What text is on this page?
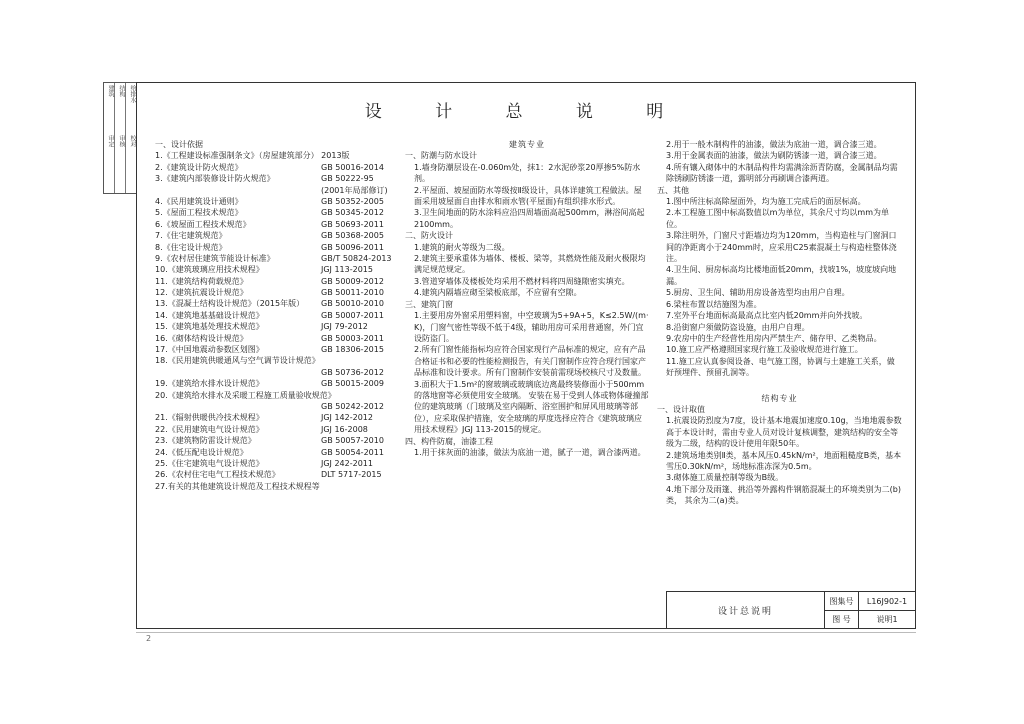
建筑
审定
结构
审核
给排水
校对
设 计 总 说 明
一、设计依据
1.《工程建设标准强制条文》（房屋建筑部分） 2013版
2.《建筑设计防火规范》	GB 50016-2014
3.《建筑内部装修设计防火规范》	GB 50222-95
(2001年局部修订)
4.《民用建筑设计通则》	GB 50352-2005
5.《屋面工程技术规范》	GB 50345-2012
6.《坡屋面工程技术规范》	GB 50693-2011
7.《住宅建筑规范》	GB 50368-2005
8.《住宅设计规范》	GB 50096-2011
9.《农村居住建筑节能设计标准》	GB/T 50824-2013
10.《建筑玻璃应用技术规程》	JGJ 113-2015
11.《建筑结构荷载规范》	GB 50009-2012
12.《建筑抗震设计规范》	GB 50011-2010
13.《混凝土结构设计规范》（2015年版） GB 50010-2010
14.《建筑地基基础设计规范》	GB 50007-2011
15.《建筑地基处理技术规范》	JGJ 79-2012
16.《砌体结构设计规范》	GB 50003-2011
17.《中国地震动参数区划图》	GB 18306-2015
18.《民用建筑供暖通风与空气调节设计规范》
GB 50736-2012
19.《建筑给水排水设计规范》	GB 50015-2009
20.《建筑给水排水及采暖工程施工质量验收规范》
GB 50242-2012
21.《辐射供暖供冷技术规程》	JGJ 142-2012
22.《民用建筑电气设计规范》	JGJ 16-2008
23.《建筑物防雷设计规范》	GB 50057-2010
24.《低压配电设计规范》	GB 50054-2011
25.《住宅建筑电气设计规范》	JGJ 242-2011
26.《农村住宅电气工程技术规范》	DLT 5717-2015
27.有关的其他建筑设计规范及工程技术规程等
建筑专业
一、防潮与防水设计
1.墙身防潮层设在-0.060m处，抹1：2水泥砂浆20厚掺5%防水剂。
2.平屋面、坡屋面防水等级按Ⅱ级设计，具体详建筑工程做法。屋面采用坡屋面自由排水和雨水管(平屋面)有组织排水形式。
3.卫生间地面的防水涂料应沿四周墙面高起500mm，淋浴间高起2100mm。
二、防火设计
1.建筑的耐火等级为二级。
2.建筑主要承重体为墙体、楼板、梁等，其燃烧性能及耐火极限均满足规范规定。
3.管道穿墙体及楼板处均采用不燃材料将四周缝隙密实填充。
4.建筑内隔墙应砌至梁板底部，不应留有空隙。
三、建筑门窗
1.主要用房外窗采用塑料窗，中空玻璃为5+9A+5，K≤2.5W/(m·K)，门窗气密性等级不低于4级，辅助用房可采用普通窗，外门宜设防盗门。
2.所有门窗性能指标均应符合国家现行产品标准的规定，应有产品合格证书和必要的性能检测报告，有关门窗制作应符合现行国家产品标准和设计要求。所有门窗制作安装前需现场校核尺寸及数量。
3.面积大于1.5m²的窗玻璃或玻璃底边离最终装修面小于500mm的落地窗等必须使用安全玻璃。 安装在易于受到人体或物体碰撞部位的建筑玻璃（门玻璃及室内隔断、浴室围护和屏风用玻璃等部位），应采取保护措施，安全玻璃的厚度选择应符合《建筑玻璃应用技术规程》JGJ 113-2015的规定。
四、构件防腐，油漆工程
1.用于抹灰面的油漆，做法为底油一道，腻子一道，调合漆两道。
2.用于一般木制构件的油漆，做法为底油一道，调合漆三道。
3.用于金属表面的油漆，做法为刷防锈漆一道，调合漆三道。
4.所有镶入砌体中的木制品构件均需满涂沥青防腐，金属制品均需除锈刷防锈漆一道，露明部分再刷调合漆两道。
五、其他
1.图中所注标高除屋面外，均为施工完成后的面层标高。
2.本工程施工图中标高数值以m为单位，其余尺寸均以mm为单位。
3.除注明外，门窗尺寸距墙边均为120mm，当构造柱与门窗洞口间的净距离小于240mm时，应采用C25素混凝土与构造柱整体浇注。
4.卫生间、厨房标高均比楼地面低20mm，找坡1%，坡度坡向地漏。
5.厨房、卫生间、辅助用房设备选型均由用户自理。
6.梁柱布置以结施图为准。
7.室外平台地面标高最高点比室内低20mm并向外找坡。
8.沿街窗户须做防盗设施，由用户自理。
9.农房中的生产经营性用房内严禁生产、储存甲、乙类物品。
10.施工应严格遵照国家现行施工及验收规范进行施工。
11.施工应认真参阅设备、电气施工图，协调与土建施工关系，做好预埋件、预留孔洞等。
结构专业
一、设计取值
1.抗震设防烈度为7度，设计基本地震加速度0.10g，当地地震参数高于本设计时，需由专业人员对设计复核调整，建筑结构的安全等级为二级，结构的设计使用年限50年。
2.建筑场地类别Ⅱ类，基本风压0.45kN/m²，地面粗糙度B类，基本雪压0.30kN/m²，场地标准冻深为0.5m。
3.砌体施工质量控制等级为B级。
4.地下部分及雨篷、挑沿等外露构件钢筋混凝土的环境类别为二(b)类， 其余为二(a)类。
设计总说明
图集号	L16J902-1
图 号	说明1
2
